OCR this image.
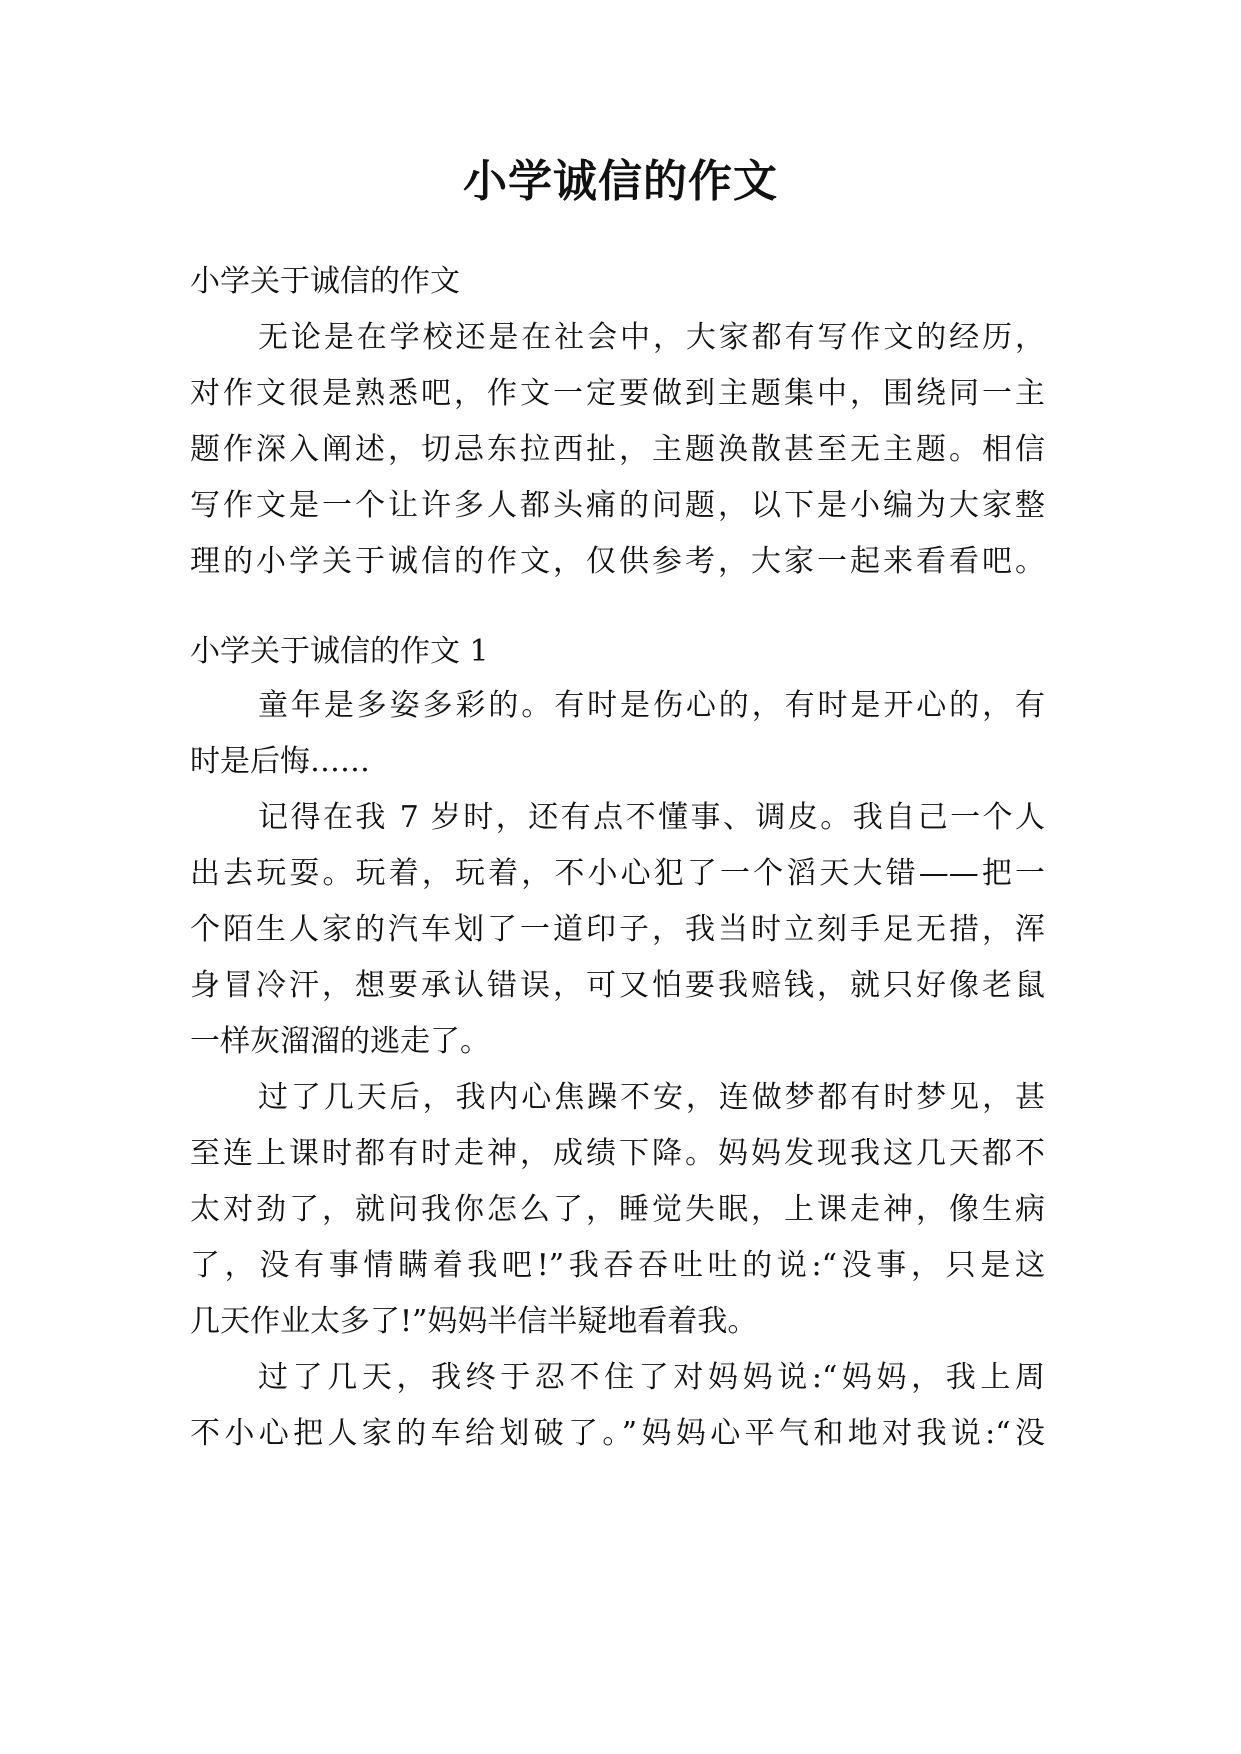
小学诚信的作文
小学关于诚信的作文
无论是在学校还是在社会中，大家都有写作文的经历，
对作文很是熟悉吧，作文一定要做到主题集中，围绕同一主
题作深入阐述，切忌东拉西扯，主题涣散甚至无主题。相信
写作文是一个让许多人都头痛的问题，以下是小编为大家整
理的小学关于诚信的作文，仅供参考，大家一起来看看吧。
小学关于诚信的作文 1
童年是多姿多彩的。有时是伤心的，有时是开心的，有
时是后悔……
记得在我 7 岁时，还有点不懂事、调皮。我自己一个人
出去玩耍。玩着，玩着，不小心犯了一个滔天大错——把一
个陌生人家的汽车划了一道印子，我当时立刻手足无措，浑
身冒冷汗，想要承认错误，可又怕要我赔钱，就只好像老鼠
一样灰溜溜的逃走了。
过了几天后，我内心焦躁不安，连做梦都有时梦见，甚
至连上课时都有时走神，成绩下降。妈妈发现我这几天都不
太对劲了，就问我你怎么了，睡觉失眠，上课走神，像生病
了，没有事情瞒着我吧!”我吞吞吐吐的说:“没事，只是这
几天作业太多了!”妈妈半信半疑地看着我。
过了几天，我终于忍不住了对妈妈说:“妈妈，我上周
不小心把人家的车给划破了。”妈妈心平气和地对我说:“没
